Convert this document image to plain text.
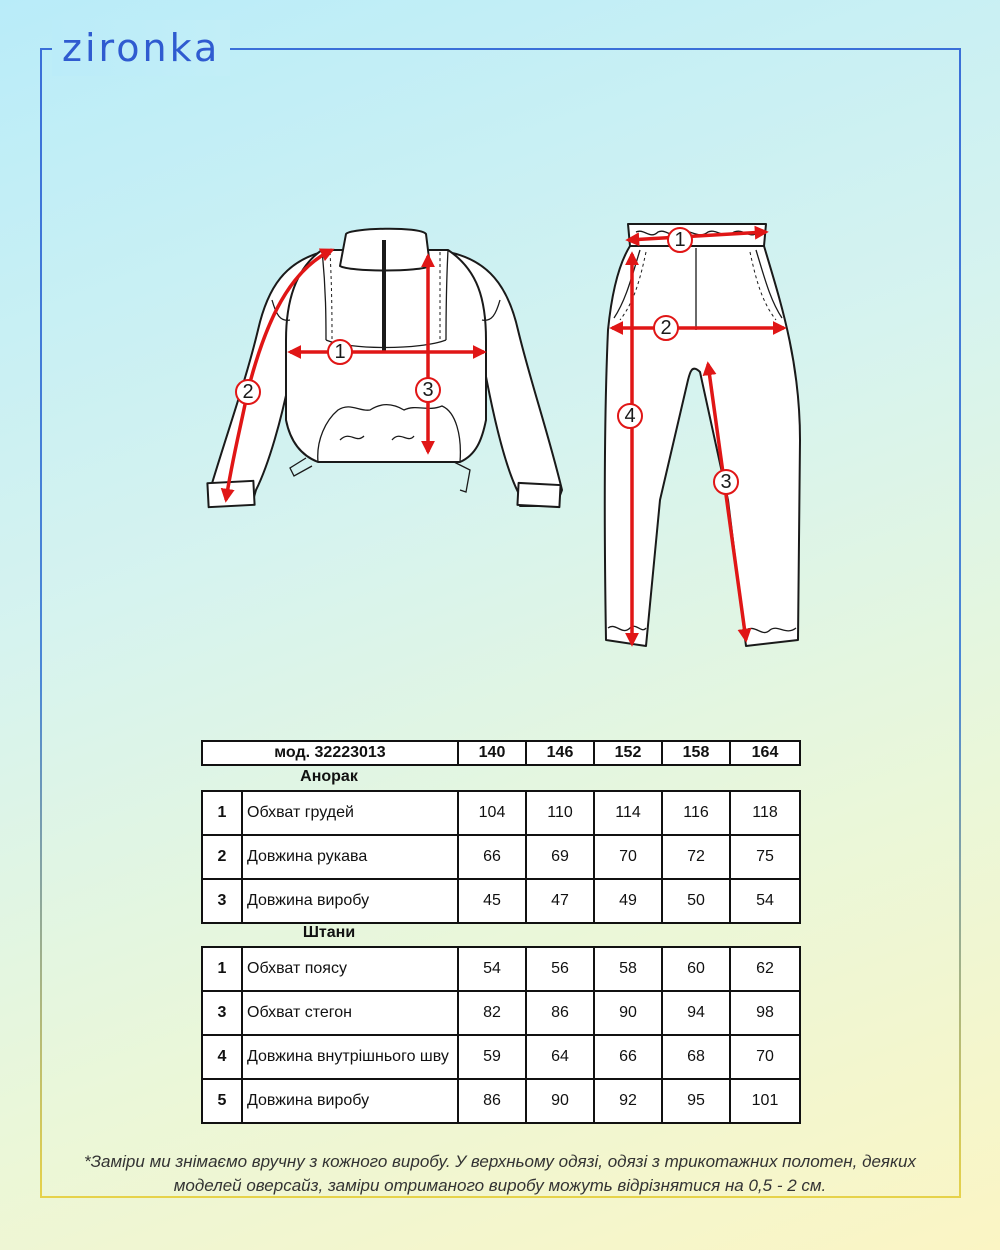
zironka
1
2	3
1
2
3
4
мод. 32223013	140	146	152	158	164
Анорак
1	Обхват грудей	104	110	114	116	118
2	Довжина рукава	66	69	70	72	75
3	Довжина виробу	45	47	49	50	54
Штани
1	Обхват поясу	54	56	58	60	62
3	Обхват стегон	82	86	90	94	98
4	Довжина внутрішнього шву	59	64	66	68	70
5	Довжина виробу	86	90	92	95	101
*Заміри ми знімаємо вручну з кожного виробу. У верхньому одязі, одязі з трикотажних полотен, деяких моделей оверсайз, заміри отриманого виробу можуть відрізнятися на 0,5 - 2 см.
